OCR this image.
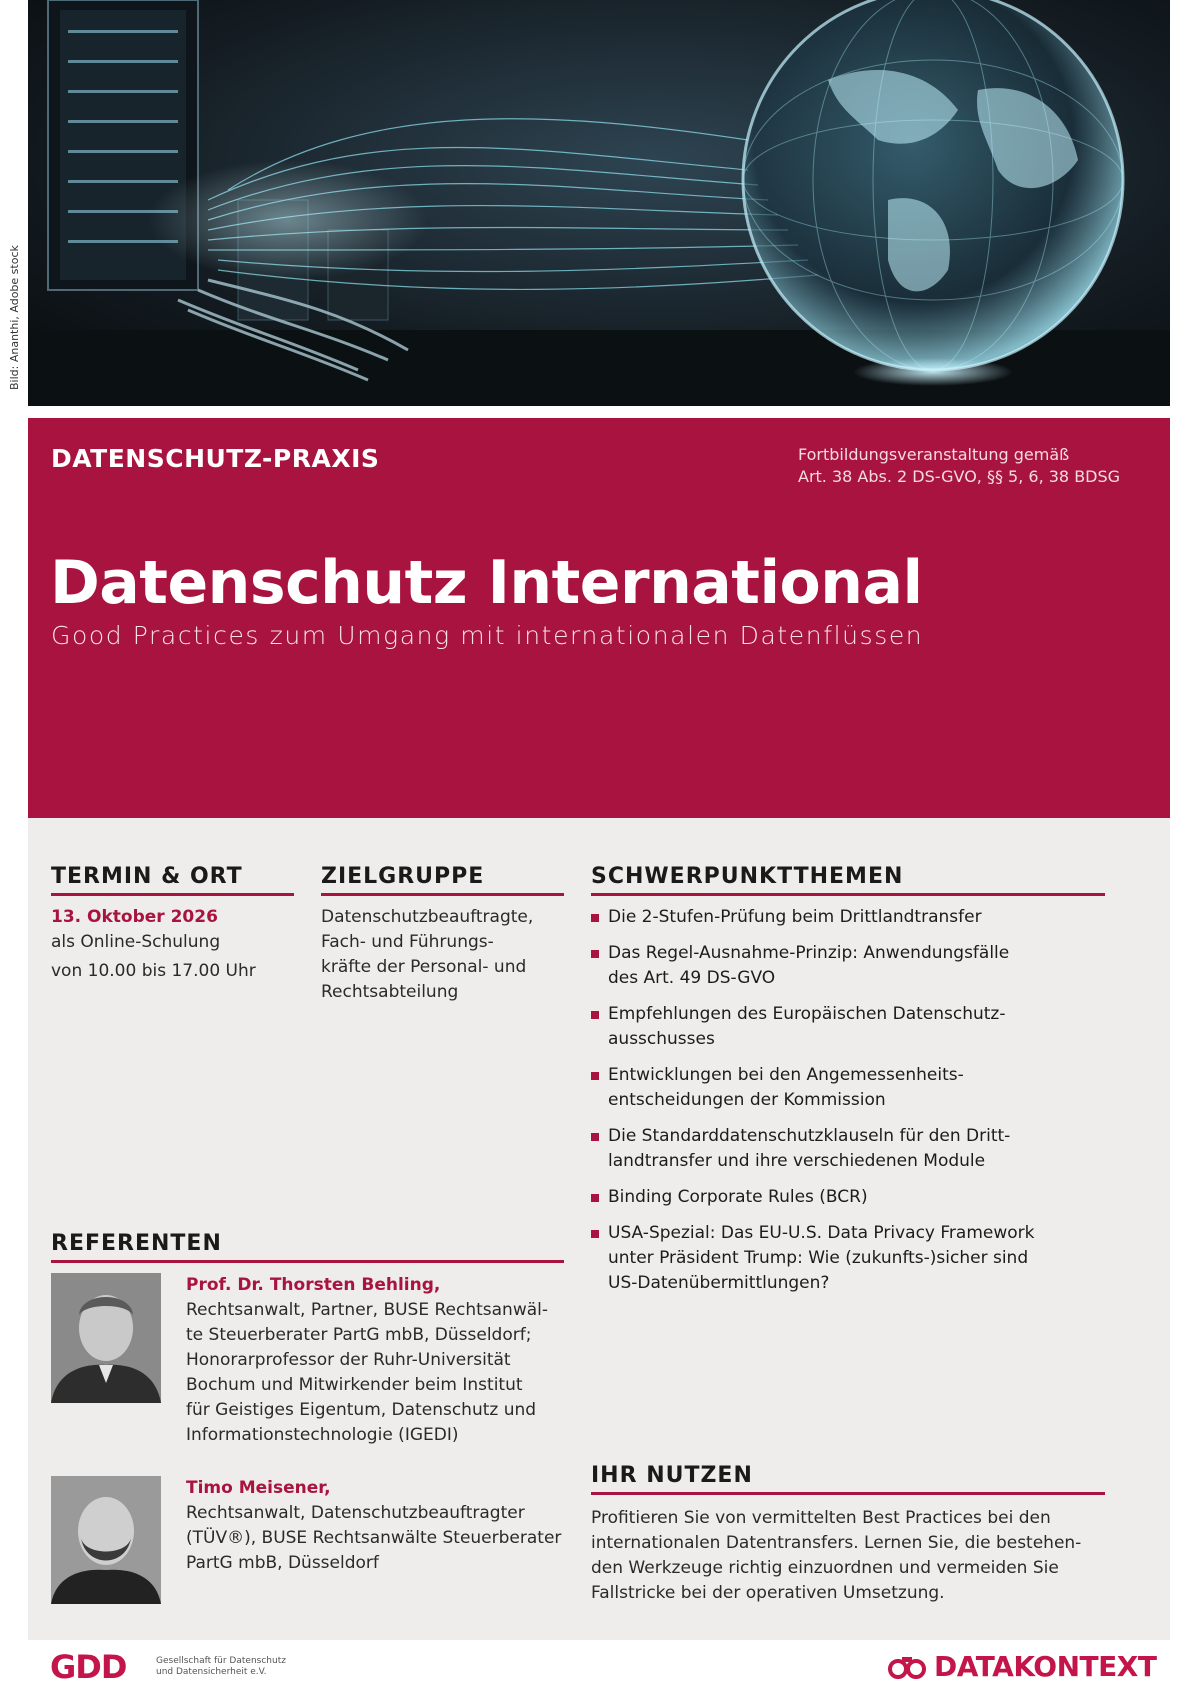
Bild: Ananthi, Adobe stock
DATENSCHUTZ-PRAXIS	Fortbildungsveranstaltung gemäß
Art. 38 Abs. 2 DS-GVO, §§ 5, 6, 38 BDSG
Datenschutz International
Good Practices zum Umgang mit internationalen Datenflüssen
TERMIN & ORT
13. Oktober 2026
als Online-Schulung
von 10.00 bis 17.00 Uhr
ZIELGRUPPE
Datenschutzbeauftragte,
Fach- und Führungs-
kräfte der Personal- und
Rechtsabteilung
SCHWERPUNKTTHEMEN
Die 2-Stufen-Prüfung beim Drittlandtransfer
Das Regel-Ausnahme-Prinzip: Anwendungsfälle
des Art. 49 DS-GVO
Empfehlungen des Europäischen Datenschutz-
ausschusses
Entwicklungen bei den Angemessenheits-
entscheidungen der Kommission
Die Standarddatenschutzklauseln für den Dritt-
landtransfer und ihre verschiedenen Module
Binding Corporate Rules (BCR)
USA-Spezial: Das EU-U.S. Data Privacy Framework
unter Präsident Trump: Wie (zukunfts-)sicher sind
US-Datenübermittlungen?
REFERENTEN
Prof. Dr. Thorsten Behling,
Rechtsanwalt, Partner, BUSE Rechtsanwäl-
te Steuerberater PartG mbB, Düsseldorf;
Honorarprofessor der Ruhr-Universität
Bochum und Mitwirkender beim Institut
für Geistiges Eigentum, Datenschutz und
Informationstechnologie (IGEDI)
Timo Meisener,
Rechtsanwalt, Datenschutzbeauftragter
(TÜV®), BUSE Rechtsanwälte Steuerberater
PartG mbB, Düsseldorf
IHR NUTZEN
Profitieren Sie von vermittelten Best Practices bei den
internationalen Datentransfers. Lernen Sie, die bestehen-
den Werkzeuge richtig einzuordnen und vermeiden Sie
Fallstricke bei der operativen Umsetzung.
GDD	Gesellschaft für Datenschutz
und Datensicherheit e.V.	DATAKONTEXT
